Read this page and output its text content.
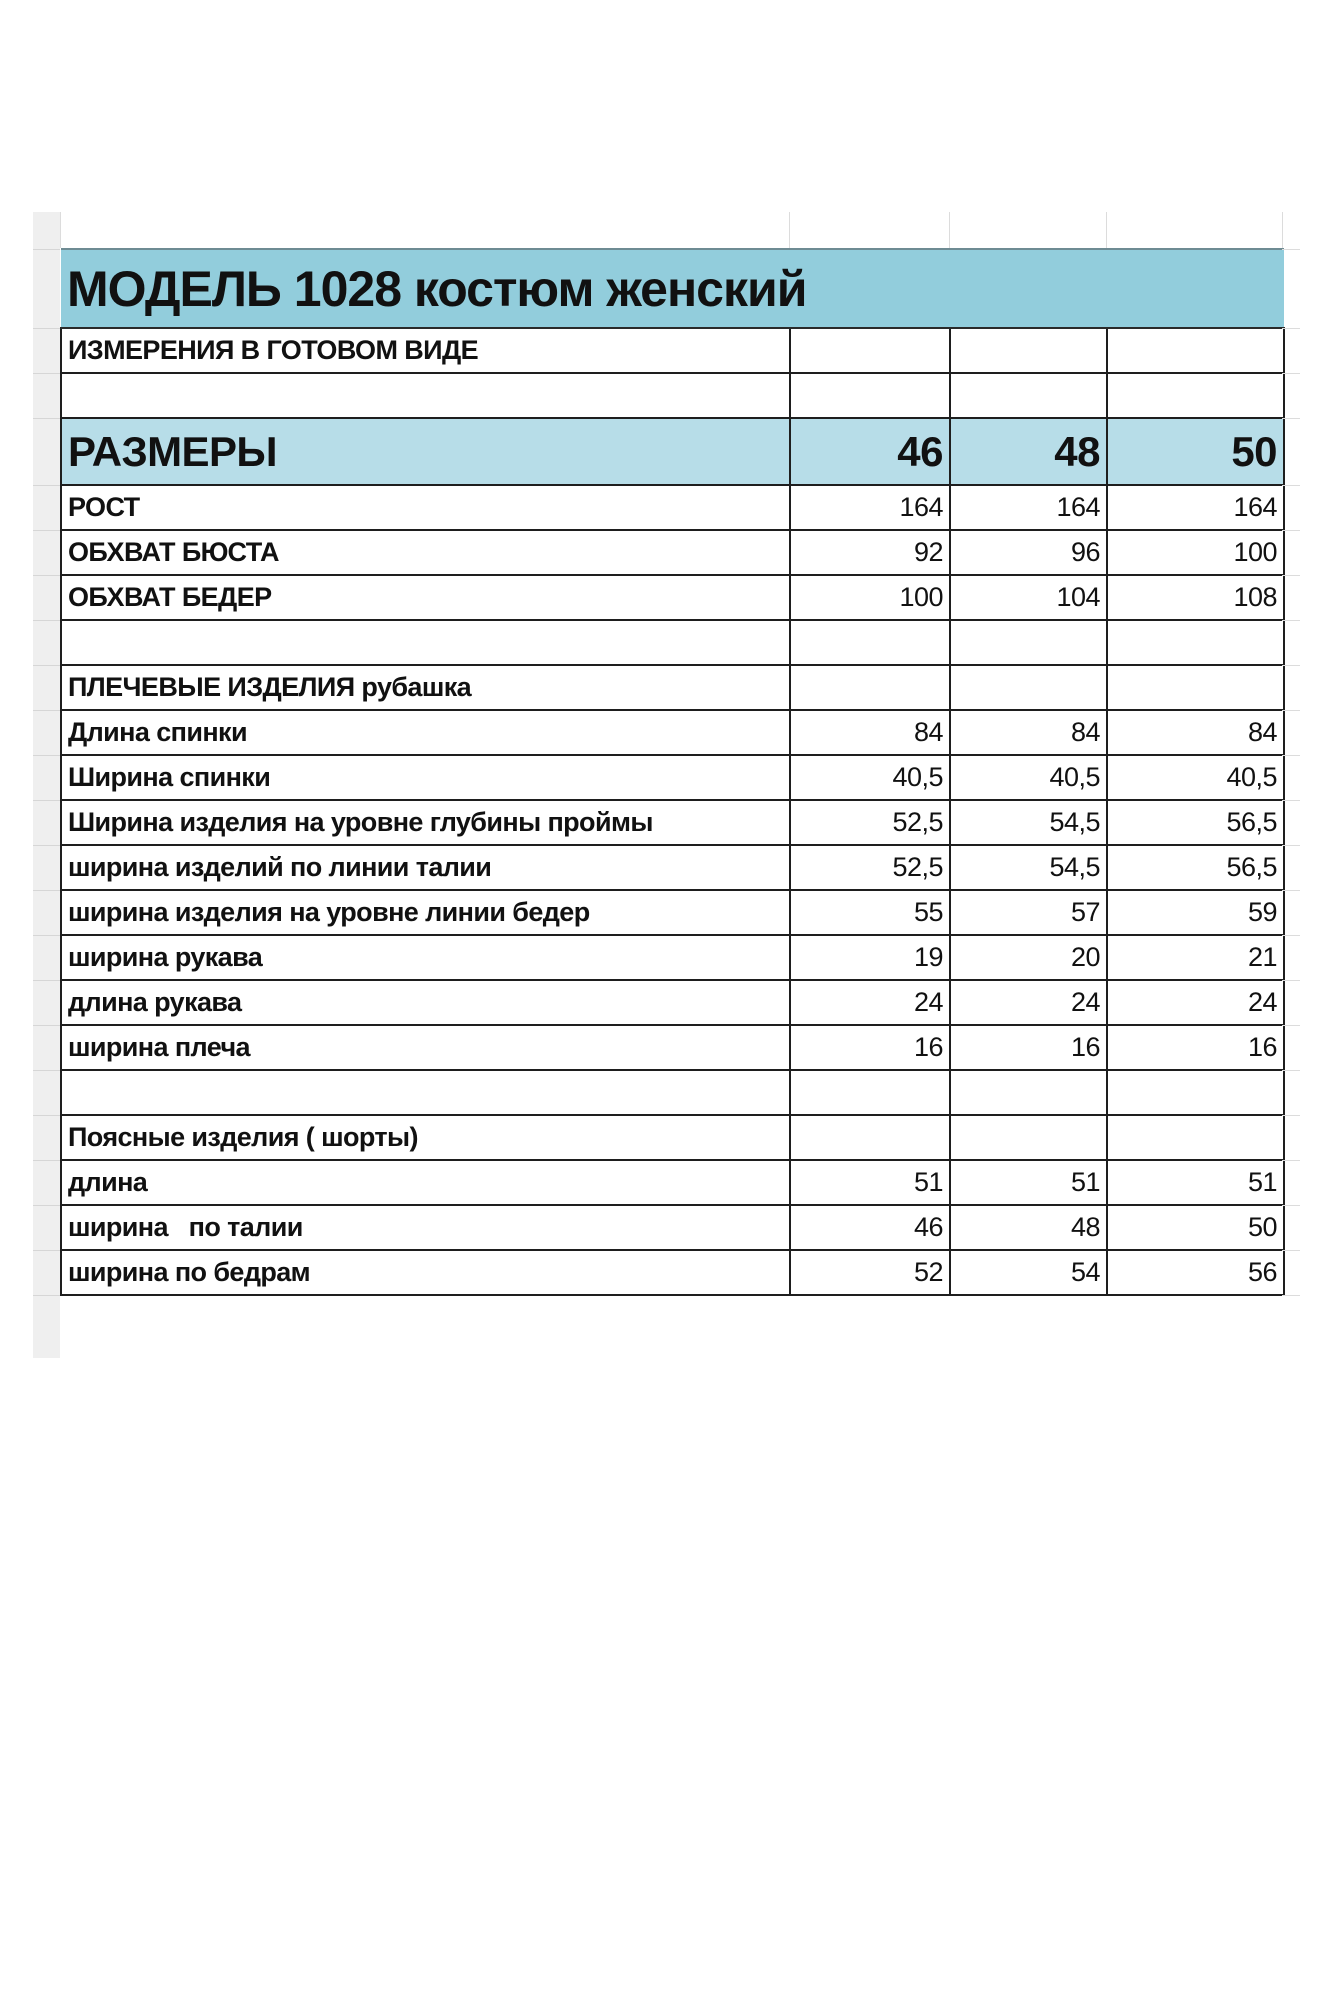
МОДЕЛЬ 1028 костюм женский			
ИЗМЕРЕНИЯ В ГОТОВОМ ВИДЕ			

РАЗМЕРЫ	46	48	50
РОСТ	164	164	164
ОБХВАТ БЮСТА	92	96	100
ОБХВАТ БЕДЕР	100	104	108

ПЛЕЧЕВЫЕ ИЗДЕЛИЯ рубашка			
Длина спинки	84	84	84
Ширина спинки	40,5	40,5	40,5
Ширина изделия на уровне глубины проймы	52,5	54,5	56,5
ширина изделий по линии талии	52,5	54,5	56,5
ширина изделия на уровне линии бедер	55	57	59
ширина рукава	19	20	21
длина рукава	24	24	24
ширина плеча	16	16	16

Поясные изделия ( шорты)			
длина	51	51	51
ширина   по талии	46	48	50
ширина по бедрам	52	54	56
